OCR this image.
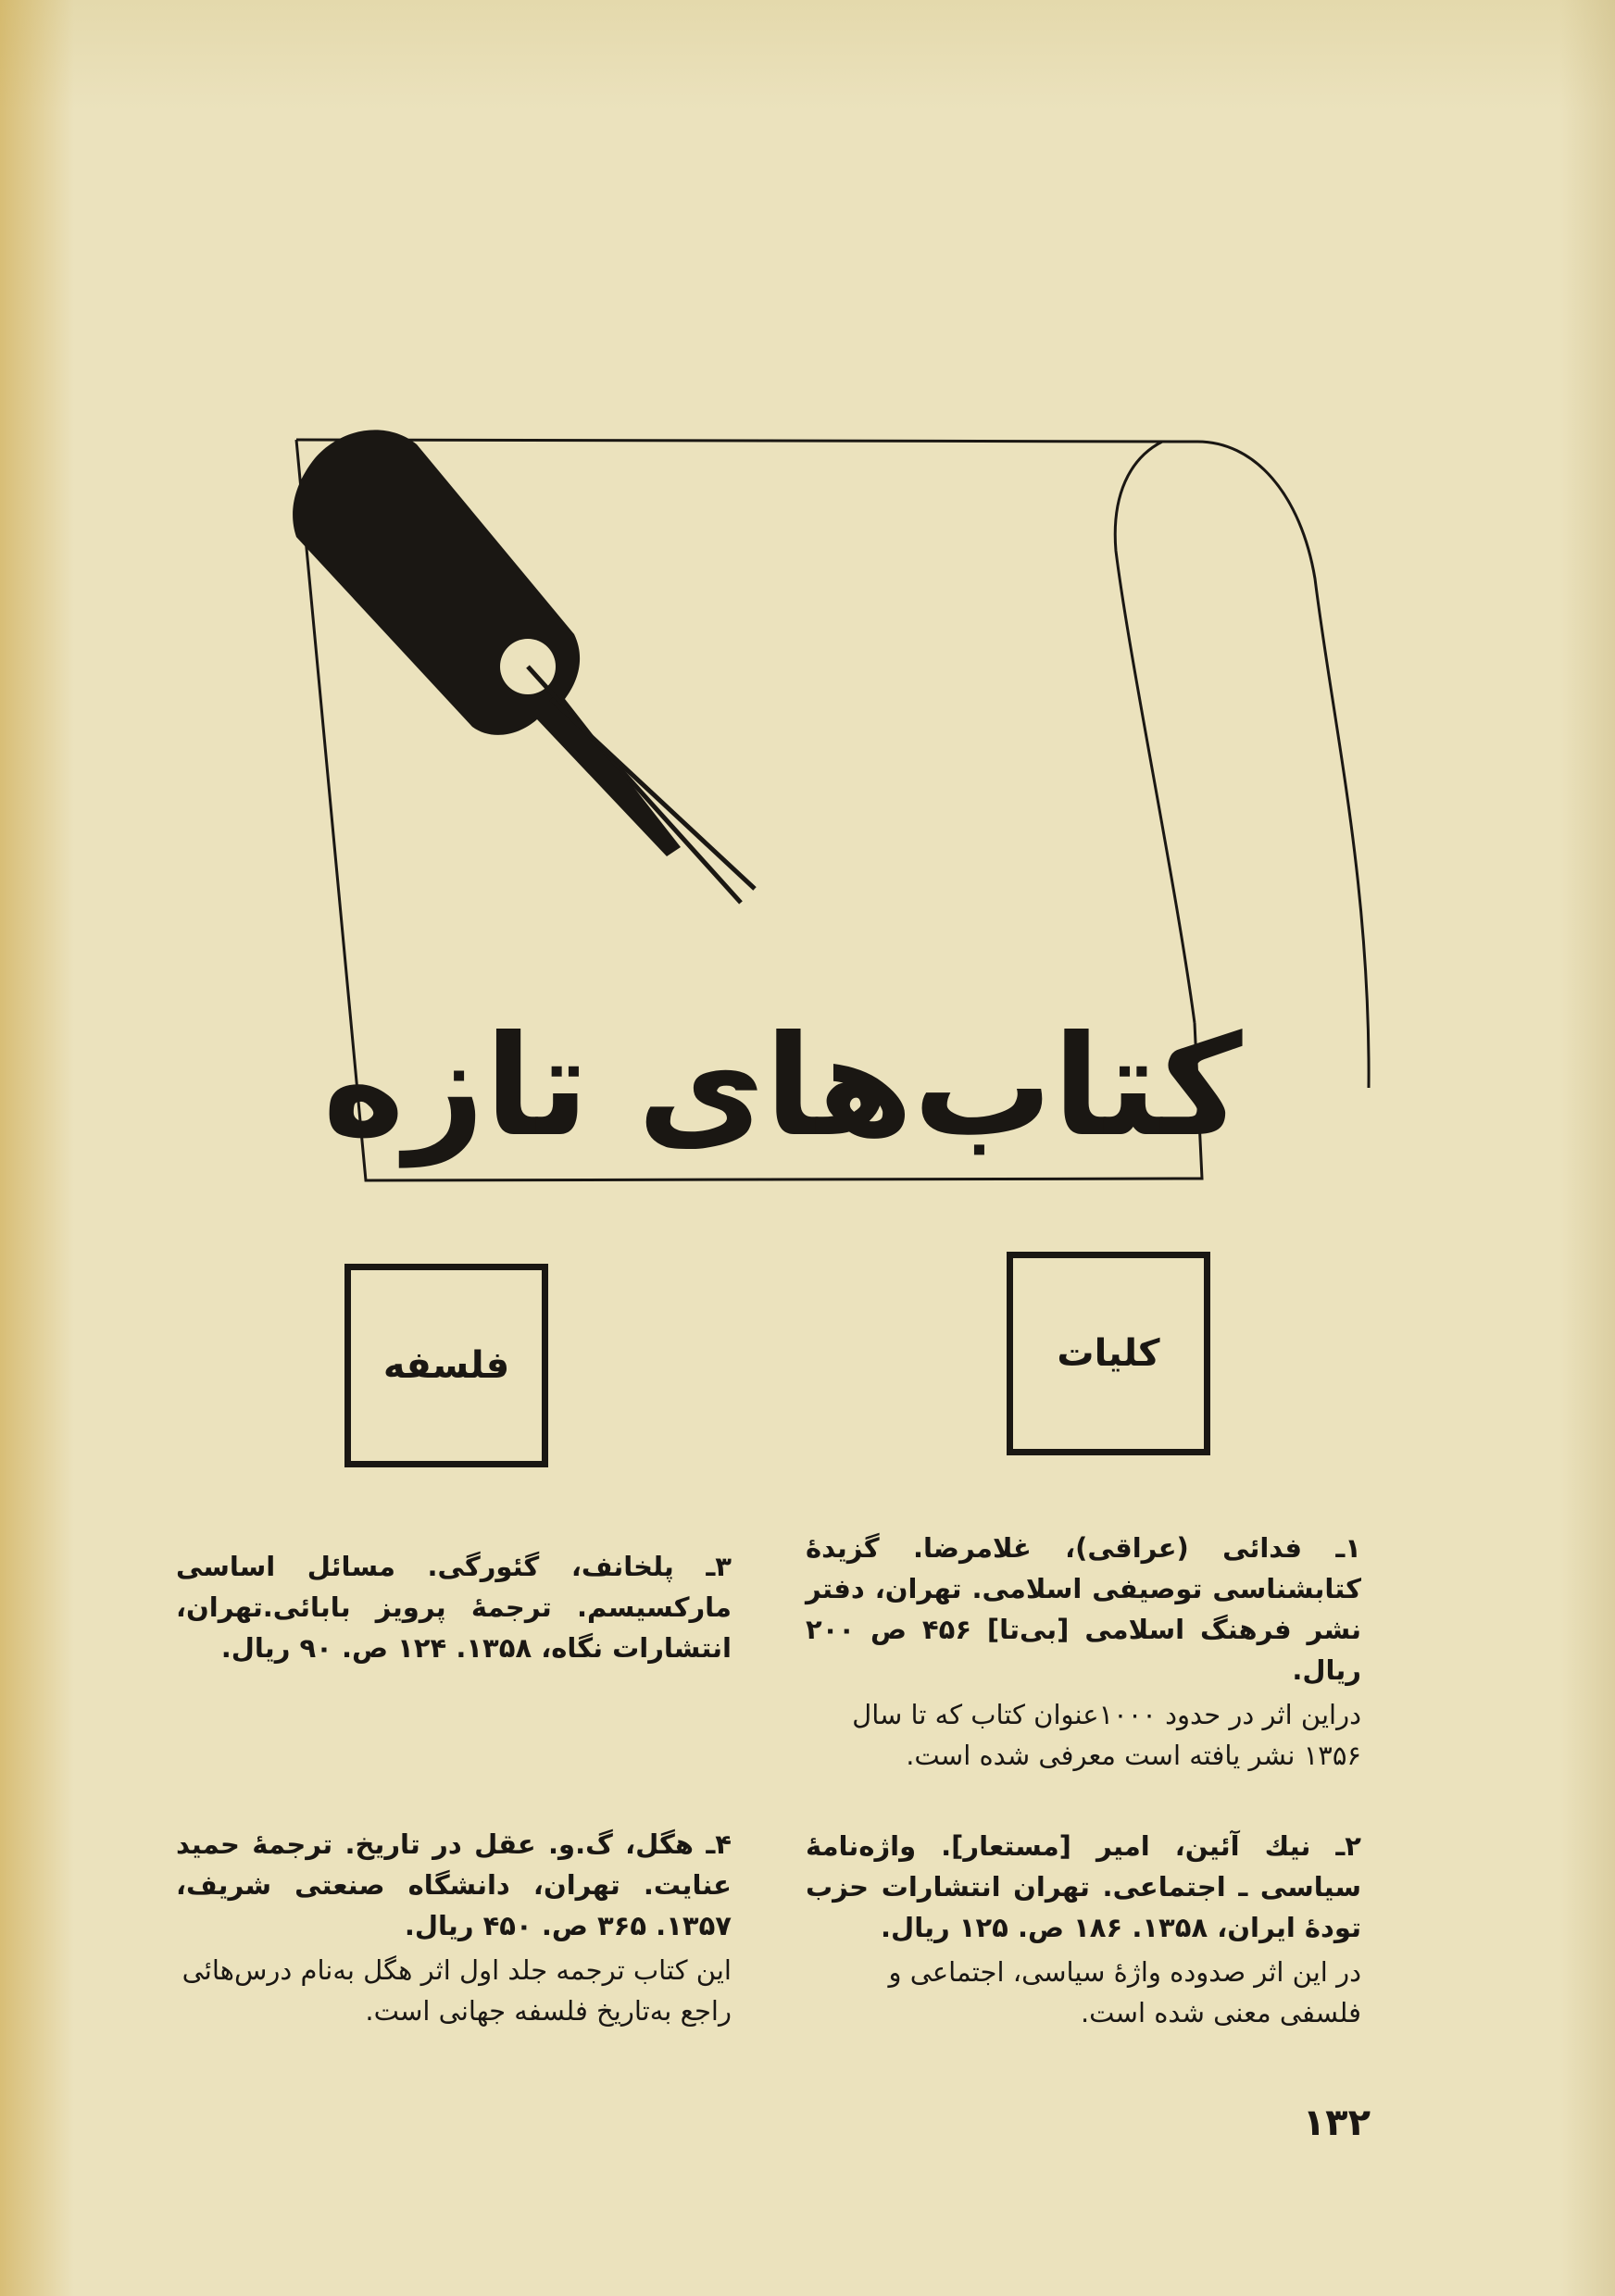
کتاب‌های تازه
کلیات
فلسفه

۱ـ فدائی (عراقی)، غلامرضا. گزیدهٔ کتابشناسی توصیفی اسلامی. تهران، دفتر نشر فرهنگ اسلامی [بی‌تا] ۴۵۶ ص ۲۰۰ ریال.

دراین اثر در حدود ۱۰۰۰عنوان کتاب که تا سال ۱۳۵۶ نشر یافته است معرفی شده است.

۲ـ نیك آئین، امیر [مستعار]. واژه‌نامهٔ سیاسی ـ اجتماعی. تهران انتشارات حزب تودهٔ ایران، ۱۳۵۸. ۱۸۶ ص. ۱۲۵ ریال.

در این اثر صدوده واژهٔ سیاسی، اجتماعی و فلسفی معنی شده است.

۳ـ پلخانف، گئورگی. مسائل اساسی مارکسیسم. ترجمهٔ پرویز بابائی.تهران، انتشارات نگاه، ۱۳۵۸. ۱۲۴ ص. ۹۰ ریال.

۴ـ هگل، گ.و. عقل در تاریخ. ترجمهٔ حمید عنایت. تهران، دانشگاه صنعتی شریف، ۱۳۵۷. ۳۶۵ ص. ۴۵۰ ریال.

این کتاب ترجمه جلد اول اثر هگل به‌نام درس‌هائی راجع به‌تاریخ فلسفه جهانی است.

۱۳۲
